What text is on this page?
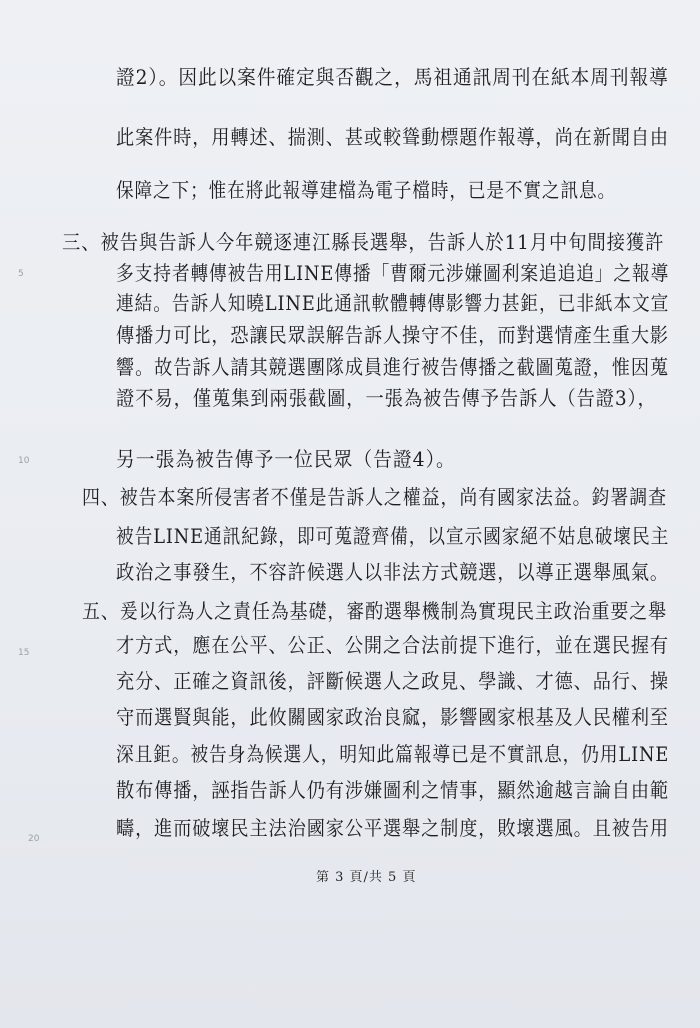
證2）。因此以案件確定與否觀之，馬祖通訊周刊在紙本周刊報導
此案件時，用轉述、揣測、甚或較聳動標題作報導，尚在新聞自由
保障之下；惟在將此報導建檔為電子檔時，已是不實之訊息。
三、被告與告訴人今年競逐連江縣長選舉，告訴人於11月中旬間接獲許
多支持者轉傳被告用LINE傳播「曹爾元涉嫌圖利案追追追」之報導
連結。告訴人知曉LINE此通訊軟體轉傳影響力甚鉅，已非紙本文宣
傳播力可比，恐讓民眾誤解告訴人操守不佳，而對選情產生重大影
響。故告訴人請其競選團隊成員進行被告傳播之截圖蒐證，惟因蒐
證不易，僅蒐集到兩張截圖，一張為被告傳予告訴人（告證3），
另一張為被告傳予一位民眾（告證4）。
四、被告本案所侵害者不僅是告訴人之權益，尚有國家法益。鈞署調查
被告LINE通訊紀錄，即可蒐證齊備，以宣示國家絕不姑息破壞民主
政治之事發生，不容許候選人以非法方式競選，以導正選舉風氣。
五、爰以行為人之責任為基礎，審酌選舉機制為實現民主政治重要之舉
才方式，應在公平、公正、公開之合法前提下進行，並在選民握有
充分、正確之資訊後，評斷候選人之政見、學識、才德、品行、操
守而選賢與能，此攸關國家政治良窳，影響國家根基及人民權利至
深且鉅。被告身為候選人，明知此篇報導已是不實訊息，仍用LINE
散布傳播，誣指告訴人仍有涉嫌圖利之情事，顯然逾越言論自由範
疇，進而破壞民主法治國家公平選舉之制度，敗壞選風。且被告用
5
10
15
20
第 3 頁/共 5 頁
